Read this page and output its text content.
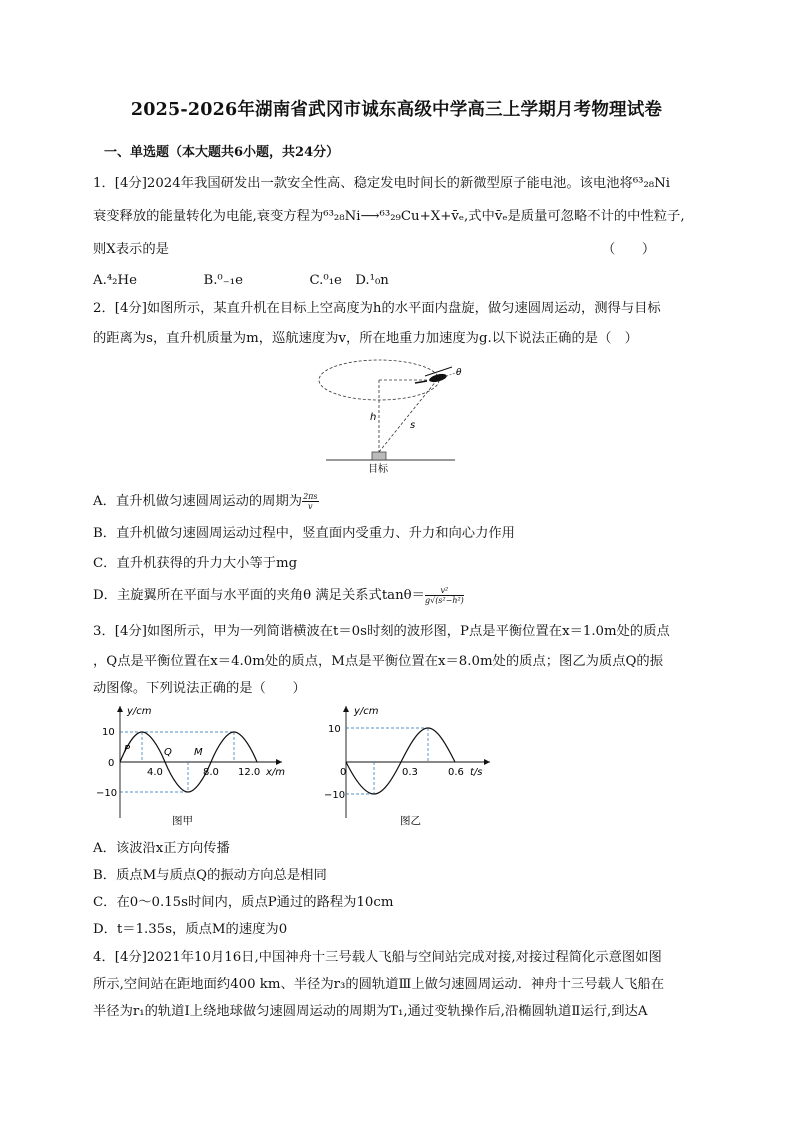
2025-2026年湖南省武冈市诚东高级中学高三上学期月考物理试卷
一、单选题（本大题共6小题，共24分）
1．[4分]2024年我国研发出一款安全性高、稳定发电时间长的新微型原子能电池。该电池将⁶³₂₈Ni
衰变释放的能量转化为电能,衰变方程为⁶³₂₈Ni⟶⁶³₂₉Cu+X+v̄ₑ,式中v̄ₑ是质量可忽略不计的中性粒子,
则X表示的是	（　　）
A.⁴₂He　　　　　B.⁰₋₁e　　　　　C.⁰₁e　D.¹₀n
2．[4分]如图所示，某直升机在目标上空高度为h的水平面内盘旋，做匀速圆周运动，测得与目标
的距离为s，直升机质量为m，巡航速度为v，所在地重力加速度为g.以下说法正确的是（　）
θ
h
s
目标
A．直升机做匀速圆周运动的周期为 $\frac{2\pi s}{v}$
B．直升机做匀速圆周运动过程中，竖直面内受重力、升力和向心力作用
C．直升机获得的升力大小等于mg
D．主旋翼所在平面与水平面的夹角θ 满足关系式$\tan\theta= \frac{\text{v²}}{\text{g√(s²−h²)}}$
3．[4分]如图所示，甲为一列简谐横波在t＝0s时刻的波形图，P点是平衡位置在x＝1.0m处的质点
，Q点是平衡位置在x＝4.0m处的质点，M点是平衡位置在x＝8.0m处的质点；图乙为质点Q的振
动图像。下列说法正确的是（　　）
y/cm
x/m
10
0
−10
P	Q M
4.0	8.0 12.0
图甲
y/cm
t/s
10
−10
0	0.3	0.6
图乙
A．该波沿x正方向传播
B．质点M与质点Q的振动方向总是相同
C．在0～0.15s时间内，质点P通过的路程为10cm
D．t＝1.35s，质点M的速度为0
4．[4分]2021年10月16日,中国神舟十三号载人飞船与空间站完成对接,对接过程简化示意图如图
所示,空间站在距地面约400 km、半径为r₃的圆轨道Ⅲ上做匀速圆周运动．神舟十三号载人飞船在
半径为r₁的轨道Ⅰ上绕地球做匀速圆周运动的周期为T₁,通过变轨操作后,沿椭圆轨道Ⅱ运行,到达A
